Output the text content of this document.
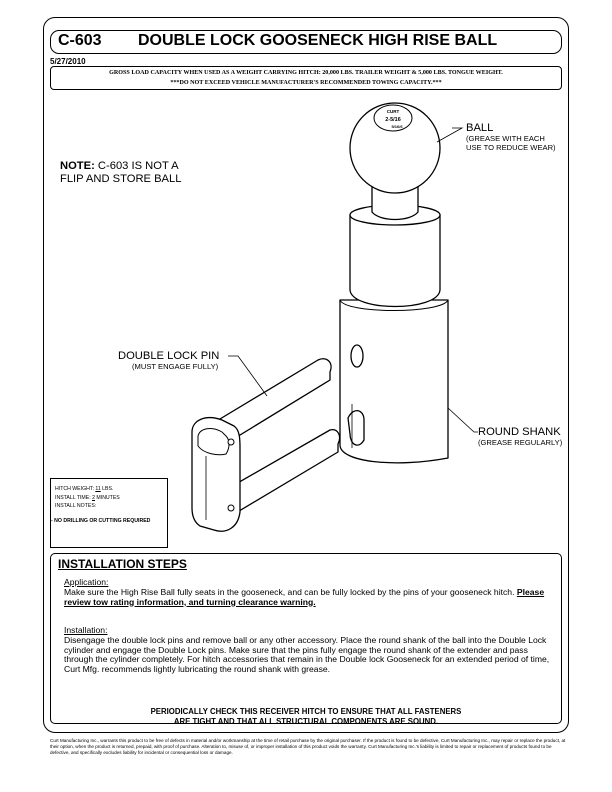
C-603 DOUBLE LOCK GOOSENECK HIGH RISE BALL
5/27/2010
GROSS LOAD CAPACITY WHEN USED AS A WEIGHT CARRYING HITCH: 20,000 LBS. TRAILER WEIGHT & 5,000 LBS. TONGUE WEIGHT.
***DO NOT EXCEED VEHICLE MANUFACTURER'S RECOMMENDED TOWING CAPACITY.***
NOTE: C-603 IS NOT A
FLIP AND STORE BALL
CURT
2-5/16
5/16/6	BALL
(GREASE WITH EACH
USE TO REDUCE WEAR)
DOUBLE LOCK PIN
(MUST ENGAGE FULLY)
ROUND SHANK
(GREASE REGULARLY)
HITCH WEIGHT: 11 LBS.
INSTALL TIME: 2 MINUTES
INSTALL NOTES:
- NO DRILLING OR CUTTING REQUIRED
INSTALLATION STEPS
Application:
Make sure the High Rise Ball fully seats in the gooseneck, and can be fully locked by the pins of your gooseneck hitch. Please review tow rating information, and turning clearance warning.
Installation:
Disengage the double lock pins and remove ball or any other accessory. Place the round shank of the ball into the Double Lock cylinder and engage the Double Lock pins. Make sure that the pins fully engage the round shank of the extender and pass through the cylinder completely. For hitch accessories that remain in the Double lock Gooseneck for an extended period of time, Curt Mfg. recommends lightly lubricating the round shank with grease.
PERIODICALLY CHECK THIS RECEIVER HITCH TO ENSURE THAT ALL FASTENERS
ARE TIGHT AND THAT ALL STRUCTURAL COMPONENTS ARE SOUND.
Curt Manufacturing Inc., warrants this product to be free of defects in material and/or workmanship at the time of retail purchase by the original purchaser. If the product is found to be defective, Curt Manufacturing Inc., may repair or replace the product, at their option, when the product is returned, prepaid, with proof of purchase. Alteration to, misuse of, or improper installation of this product voids the warranty. Curt Manufacturing Inc.'s liability is limited to repair or replacement of products found to be defective, and specifically excludes liability for incidental or consequential loss or damage.
